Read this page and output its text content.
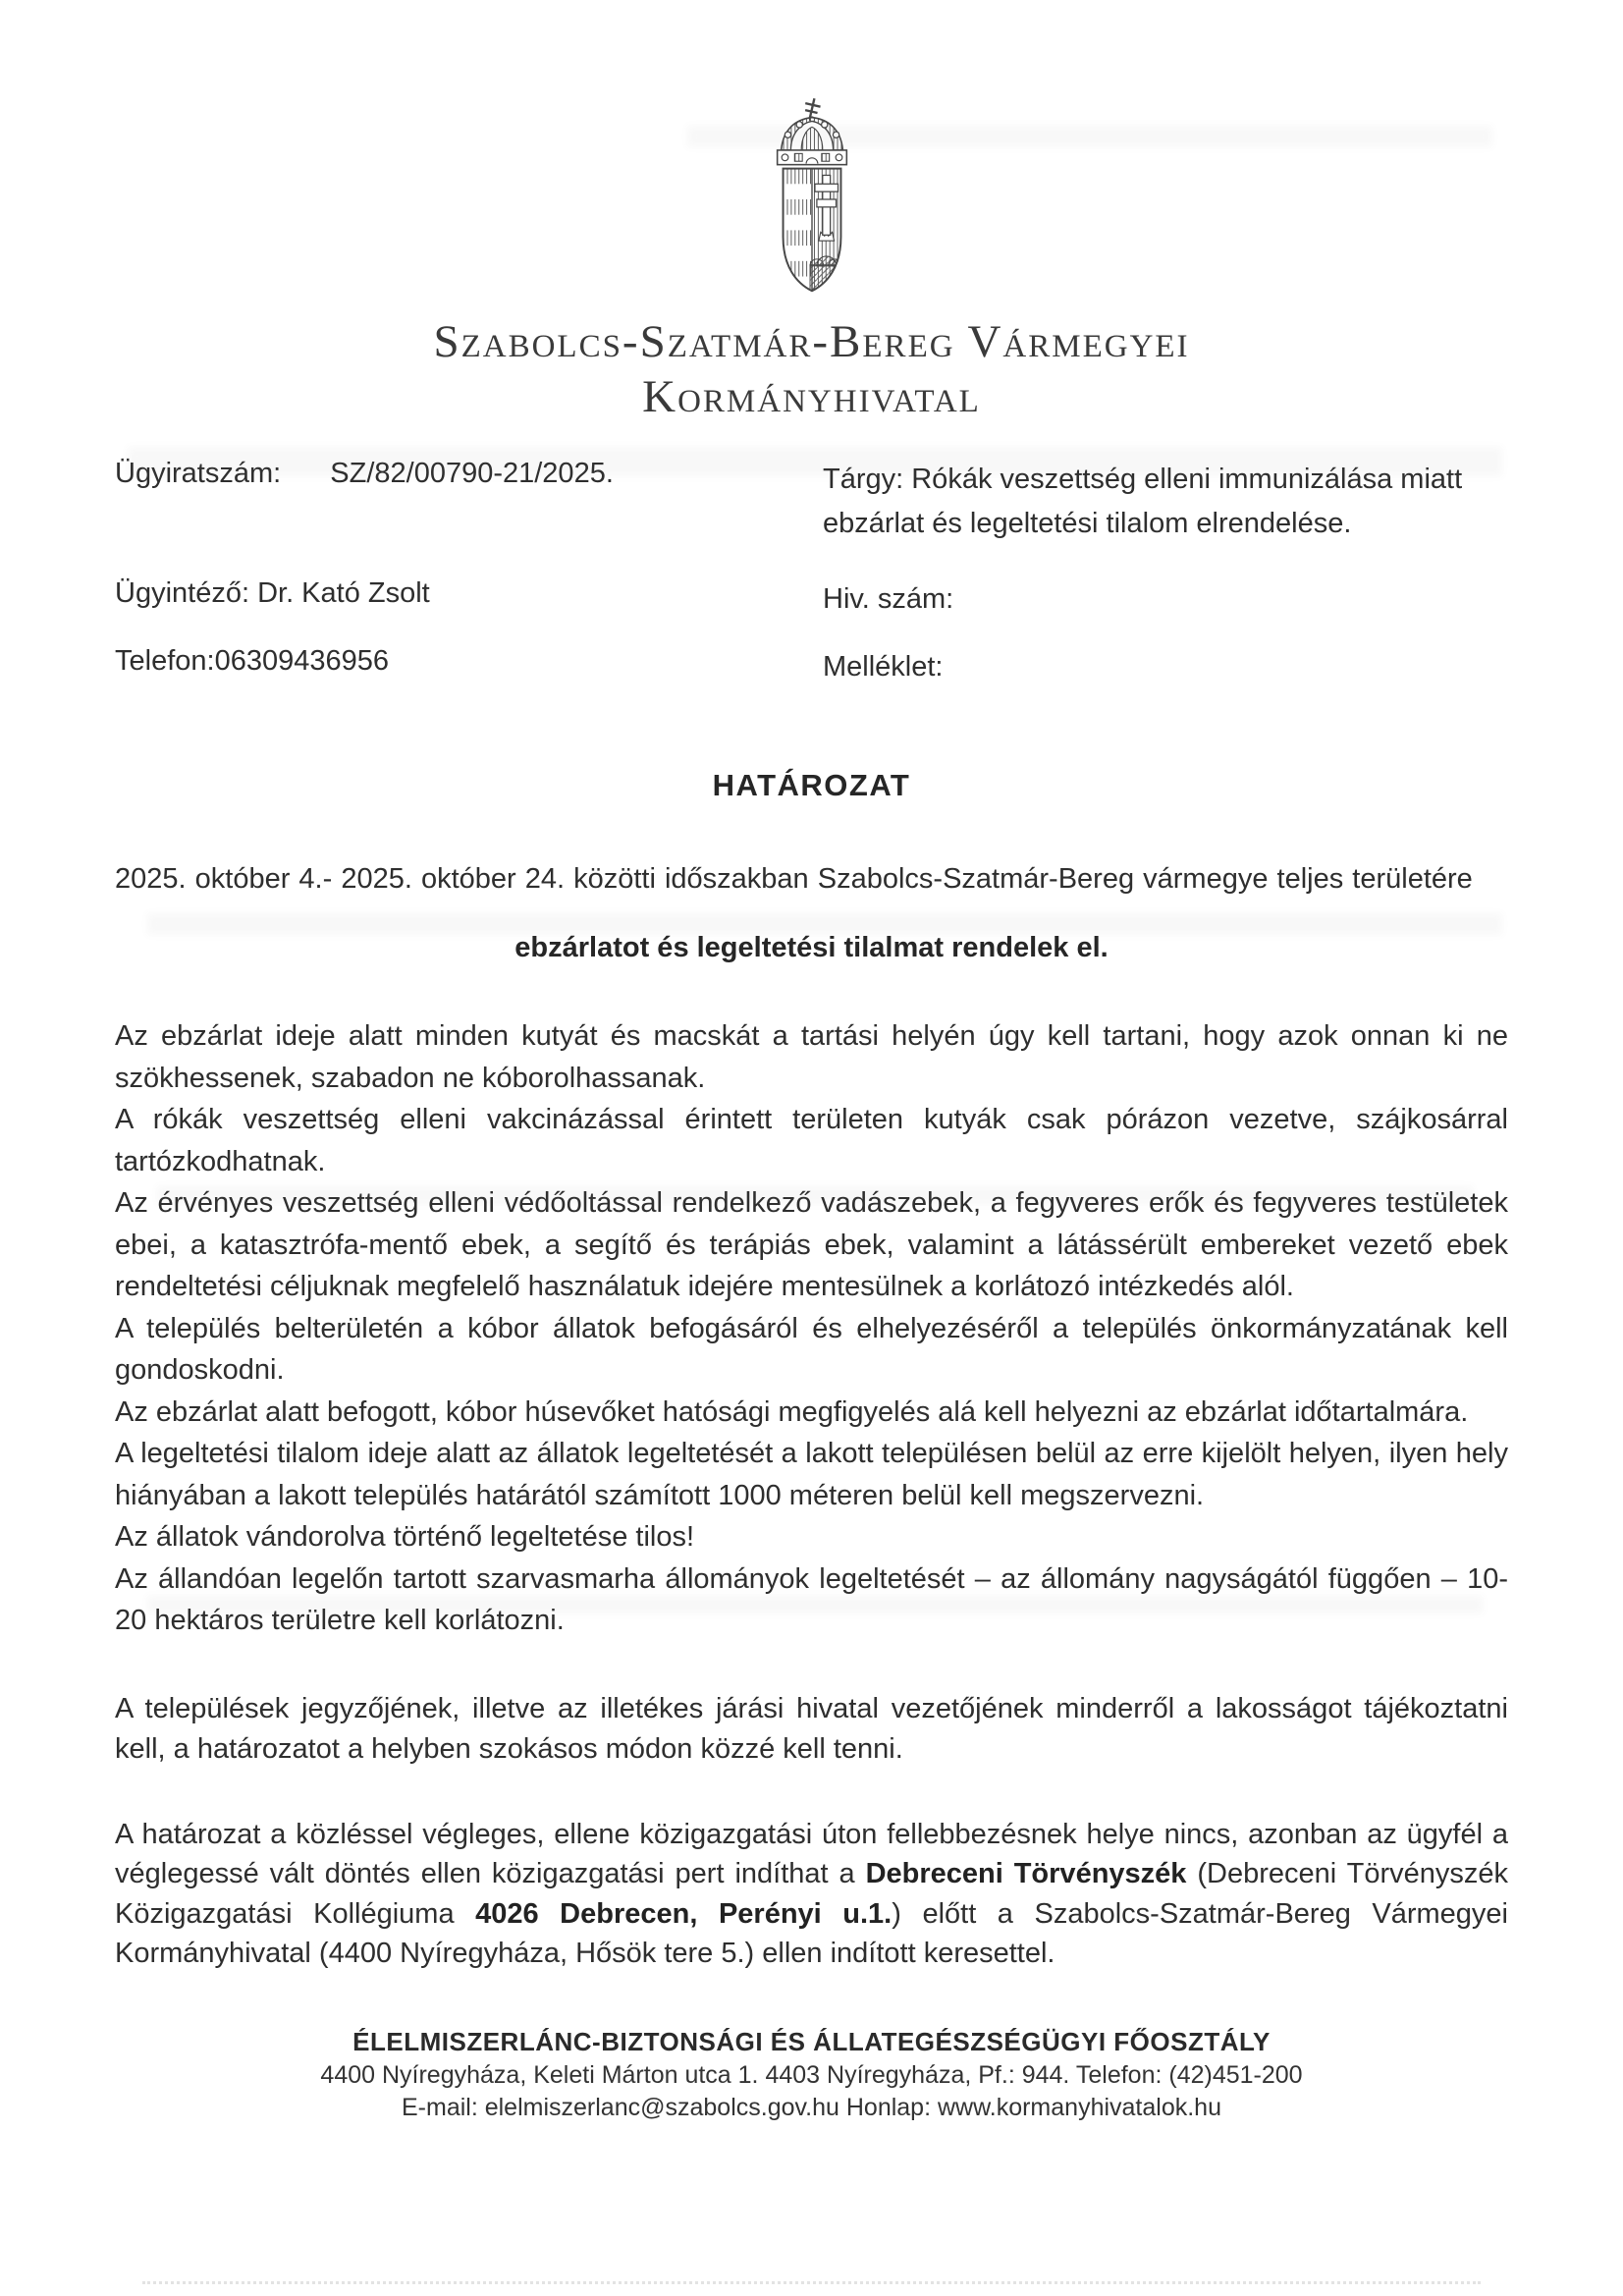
Szabolcs-Szatmár-Bereg Vármegyei
Kormányhivatal
Ügyiratszám: SZ/82/00790-21/2025.	Tárgy: Rókák veszettség elleni immunizálása miatt ebzárlat és legeltetési tilalom elrendelése.
Ügyintéző: Dr. Kató Zsolt	Hiv. szám:
Telefon:06309436956	Melléklet:
HATÁROZAT

2025. október 4.- 2025. október 24. közötti időszakban Szabolcs-Szatmár-Bereg vármegye teljes területére

ebzárlatot és legeltetési tilalmat rendelek el.

Az ebzárlat ideje alatt minden kutyát és macskát a tartási helyén úgy kell tartani, hogy azok onnan ki ne szökhessenek, szabadon ne kóborolhassanak.

A rókák veszettség elleni vakcinázással érintett területen kutyák csak pórázon vezetve, szájkosárral tartózkodhatnak.

Az érvényes veszettség elleni védőoltással rendelkező vadászebek, a fegyveres erők és fegyveres testületek ebei, a katasztrófa-mentő ebek, a segítő és terápiás ebek, valamint a látássérült embereket vezető ebek rendeltetési céljuknak megfelelő használatuk idejére mentesülnek a korlátozó intézkedés alól.

A település belterületén a kóbor állatok befogásáról és elhelyezéséről a település önkormányzatának kell gondoskodni.

Az ebzárlat alatt befogott, kóbor húsevőket hatósági megfigyelés alá kell helyezni az ebzárlat időtartalmára.

A legeltetési tilalom ideje alatt az állatok legeltetését a lakott településen belül az erre kijelölt helyen, ilyen hely hiányában a lakott település határától számított 1000 méteren belül kell megszervezni.

Az állatok vándorolva történő legeltetése tilos!

Az állandóan legelőn tartott szarvasmarha állományok legeltetését – az állomány nagyságától függően – 10-20 hektáros területre kell korlátozni.

A települések jegyzőjének, illetve az illetékes járási hivatal vezetőjének minderről a lakosságot tájékoztatni kell, a határozatot a helyben szokásos módon közzé kell tenni.

A határozat a közléssel végleges, ellene közigazgatási úton fellebbezésnek helye nincs, azonban az ügyfél a véglegessé vált döntés ellen közigazgatási pert indíthat a Debreceni Törvényszék (Debreceni Törvényszék Közigazgatási Kollégiuma 4026 Debrecen, Perényi u.1.) előtt a Szabolcs-Szatmár-Bereg Vármegyei Kormányhivatal (4400 Nyíregyháza, Hősök tere 5.) ellen indított keresettel.

ÉLELMISZERLÁNC-BIZTONSÁGI ÉS ÁLLATEGÉSZSÉGÜGYI FŐOSZTÁLY
4400 Nyíregyháza, Keleti Márton utca 1. 4403 Nyíregyháza, Pf.: 944. Telefon: (42)451-200
E-mail: elelmiszerlanc@szabolcs.gov.hu Honlap: www.kormanyhivatalok.hu
